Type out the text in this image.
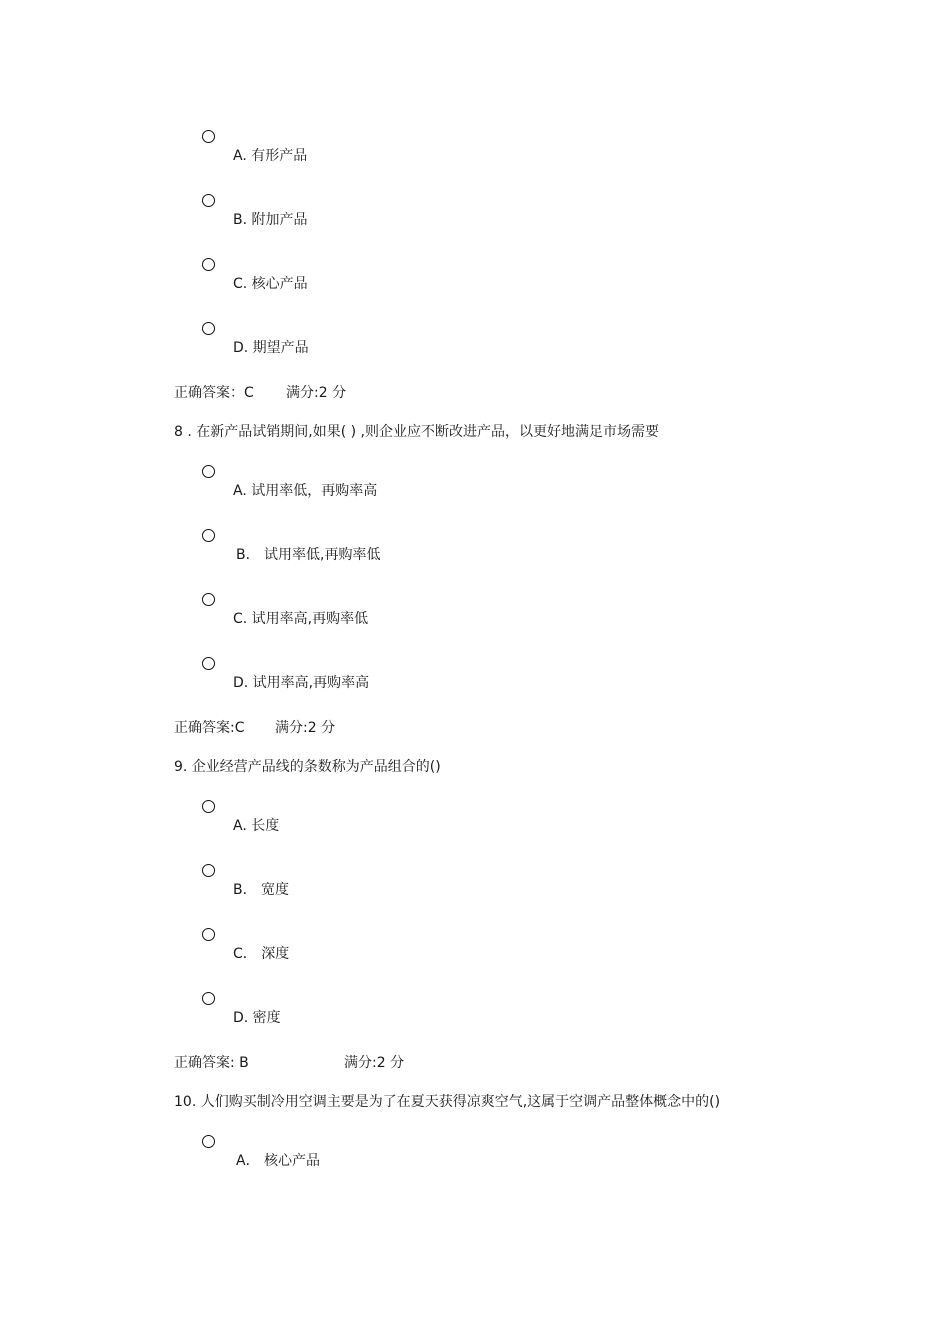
A. 有形产品
B. 附加产品
C. 核心产品
D. 期望产品
正确答案：C 满分:2 分
8 . 在新产品试销期间,如果( ) ,则企业应不断改进产品，以更好地满足市场需要
A. 试用率低，再购率高
B． 试用率低,再购率低
C. 试用率高,再购率低
D. 试用率高,再购率高
正确答案:C 满分:2 分
9. 企业经营产品线的条数称为产品组合的()
A. 长度
B． 宽度
C． 深度
D. 密度
正确答案: B	满分:2 分
10. 人们购买制冷用空调主要是为了在夏天获得凉爽空气,这属于空调产品整体概念中的()
A． 核心产品
